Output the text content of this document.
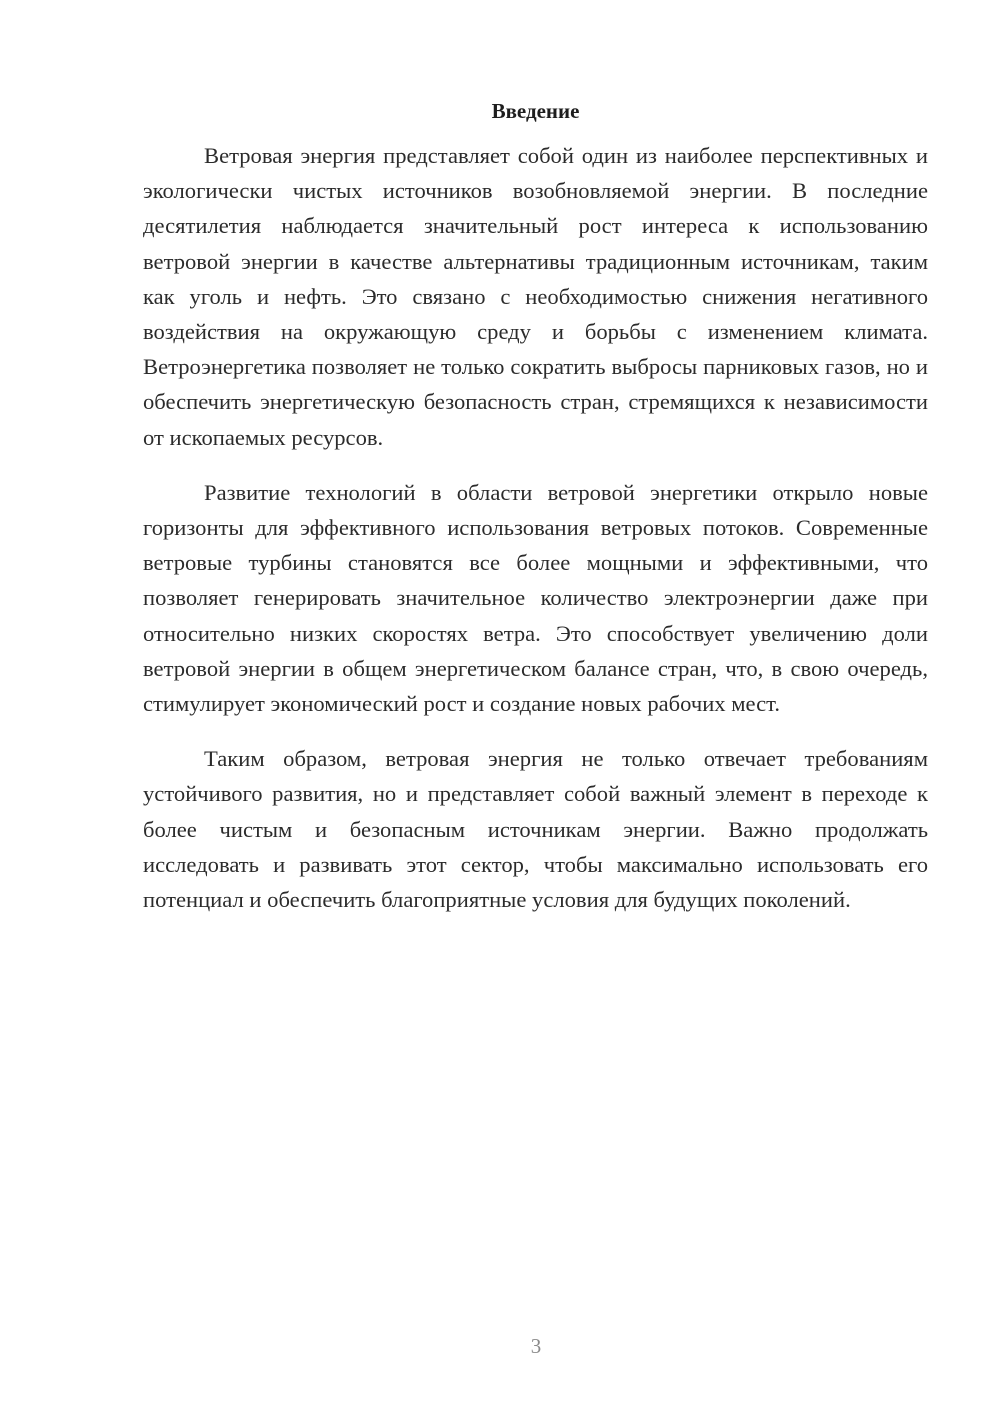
Введение

Ветровая энергия представляет собой один из наиболее перспективных и экологически чистых источников возобновляемой энергии. В последние десятилетия наблюдается значительный рост интереса к использованию ветровой энергии в качестве альтернативы традиционным источникам, таким как уголь и нефть. Это связано с необходимостью снижения негативного воздействия на окружающую среду и борьбы с изменением климата. Ветроэнергетика позволяет не только сократить выбросы парниковых газов, но и обеспечить энергетическую безопасность стран, стремящихся к независимости от ископаемых ресурсов.

Развитие технологий в области ветровой энергетики открыло новые горизонты для эффективного использования ветровых потоков. Современные ветровые турбины становятся все более мощными и эффективными, что позволяет генерировать значительное количество электроэнергии даже при относительно низких скоростях ветра. Это способствует увеличению доли ветровой энергии в общем энергетическом балансе стран, что, в свою очередь, стимулирует экономический рост и создание новых рабочих мест.

Таким образом, ветровая энергия не только отвечает требованиям устойчивого развития, но и представляет собой важный элемент в переходе к более чистым и безопасным источникам энергии. Важно продолжать исследовать и развивать этот сектор, чтобы максимально использовать его потенциал и обеспечить благоприятные условия для будущих поколений.

3
